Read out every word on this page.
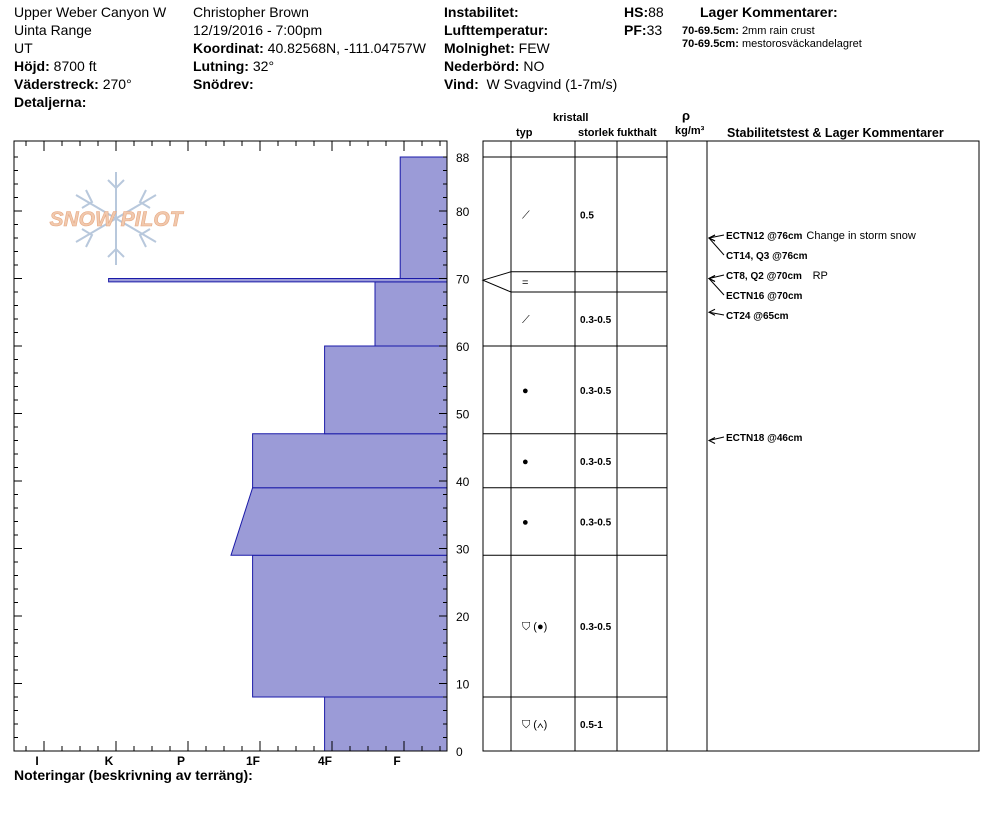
Upper Weber Canyon W
Uinta Range
UT
Höjd: 8700 ft
Väderstreck: 270°
Detaljerna:
Christopher Brown
12/19/2016 - 7:00pm
Koordinat: 40.82568N, -111.04757W
Lutning: 32°
Snödrev:
Instabilitet:
Lufttemperatur:
Molnighet: FEW
Nederbörd: NO
Vind: W Svagvind (1-7m/s)
HS:88
PF:33
Lager Kommentarer:
70-69.5cm: 2mm rain crust
70-69.5cm: mestorosväckandelagret
kristall
typ	storlek fukthalt
ρ
kg/m³ Stabilitetstest & Lager Kommentarer
Noteringar (beskrivning av terräng):
SNOW PILOT
0
10
20
30
40
50
60
70
80
88
I	K	P	1F	4F	F
⛉ (∧)	0.5-1
⛉ (●)	0.3-0.5
●	0.3-0.5
●	0.3-0.5
●	0.3-0.5
⟋	0.3-0.5
=
⟋	0.5
ECTN12 @76cm Change in storm snow
CT14, Q3 @76cm
CT8, Q2 @70cm RP
ECTN16 @70cm
CT24 @65cm
ECTN18 @46cm
